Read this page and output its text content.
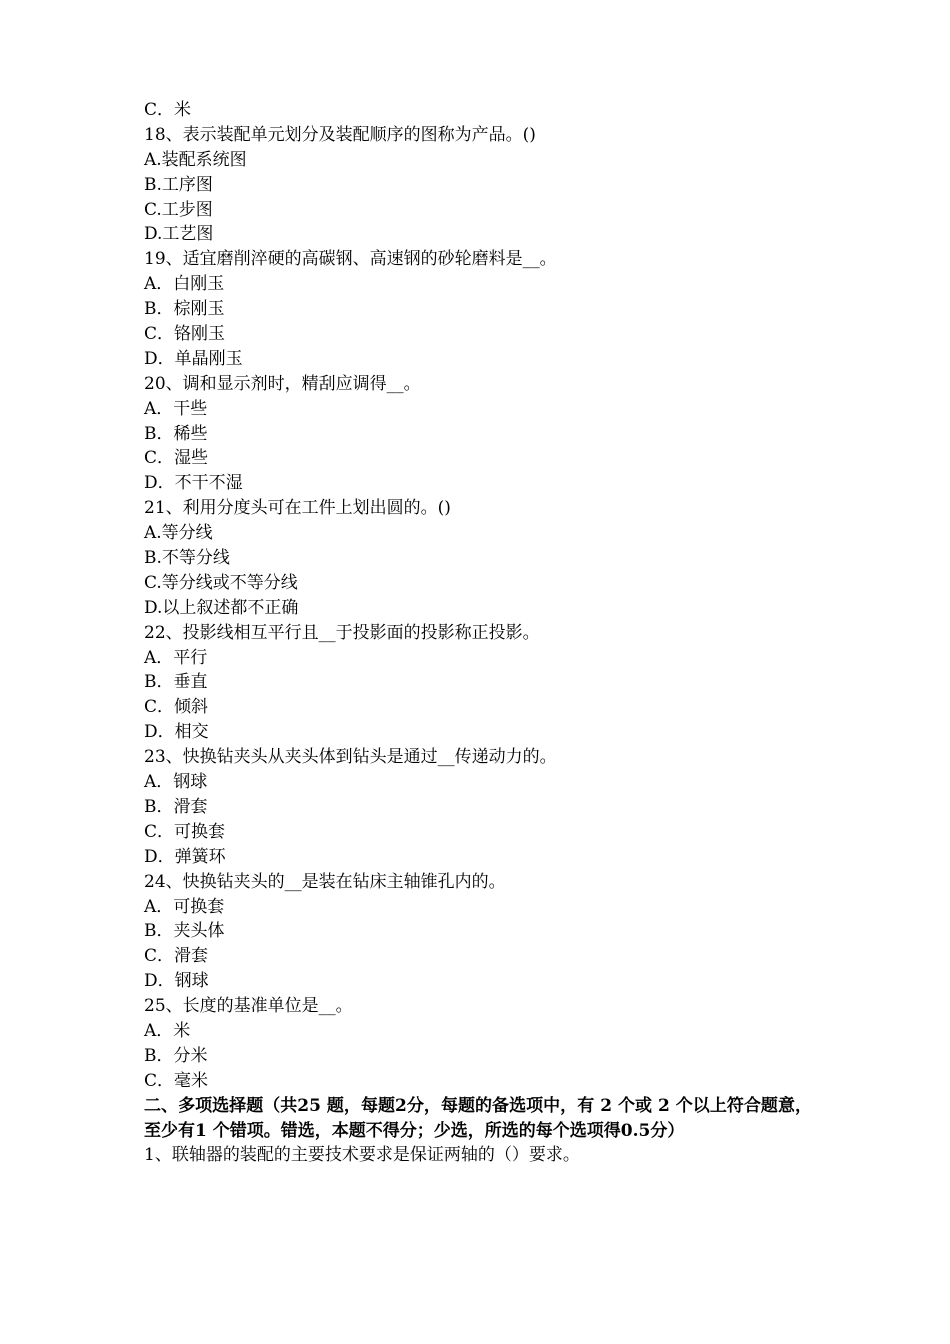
C．米
18、表示装配单元划分及装配顺序的图称为产品。()
A.装配系统图
B.工序图
C.工步图
D.工艺图
19、适宜磨削淬硬的高碳钢、高速钢的砂轮磨料是__。
A．白刚玉
B．棕刚玉
C．铬刚玉
D．单晶刚玉
20、调和显示剂时，精刮应调得__。
A．干些
B．稀些
C．湿些
D．不干不湿
21、利用分度头可在工件上划出圆的。()
A.等分线
B.不等分线
C.等分线或不等分线
D.以上叙述都不正确
22、投影线相互平行且__于投影面的投影称正投影。
A．平行
B．垂直
C．倾斜
D．相交
23、快换钻夹头从夹头体到钻头是通过__传递动力的。
A．钢球
B．滑套
C．可换套
D．弹簧环
24、快换钻夹头的__是装在钻床主轴锥孔内的。
A．可换套
B．夹头体
C．滑套
D．钢球
25、长度的基准单位是__。
A．米
B．分米
C．毫米
二、多项选择题（共25 题，每题2分，每题的备选项中，有 2 个或 2 个以上符合题意，至少有1 个错项。错选，本题不得分；少选，所选的每个选项得0.5分）
1、联轴器的装配的主要技术要求是保证两轴的（）要求。
